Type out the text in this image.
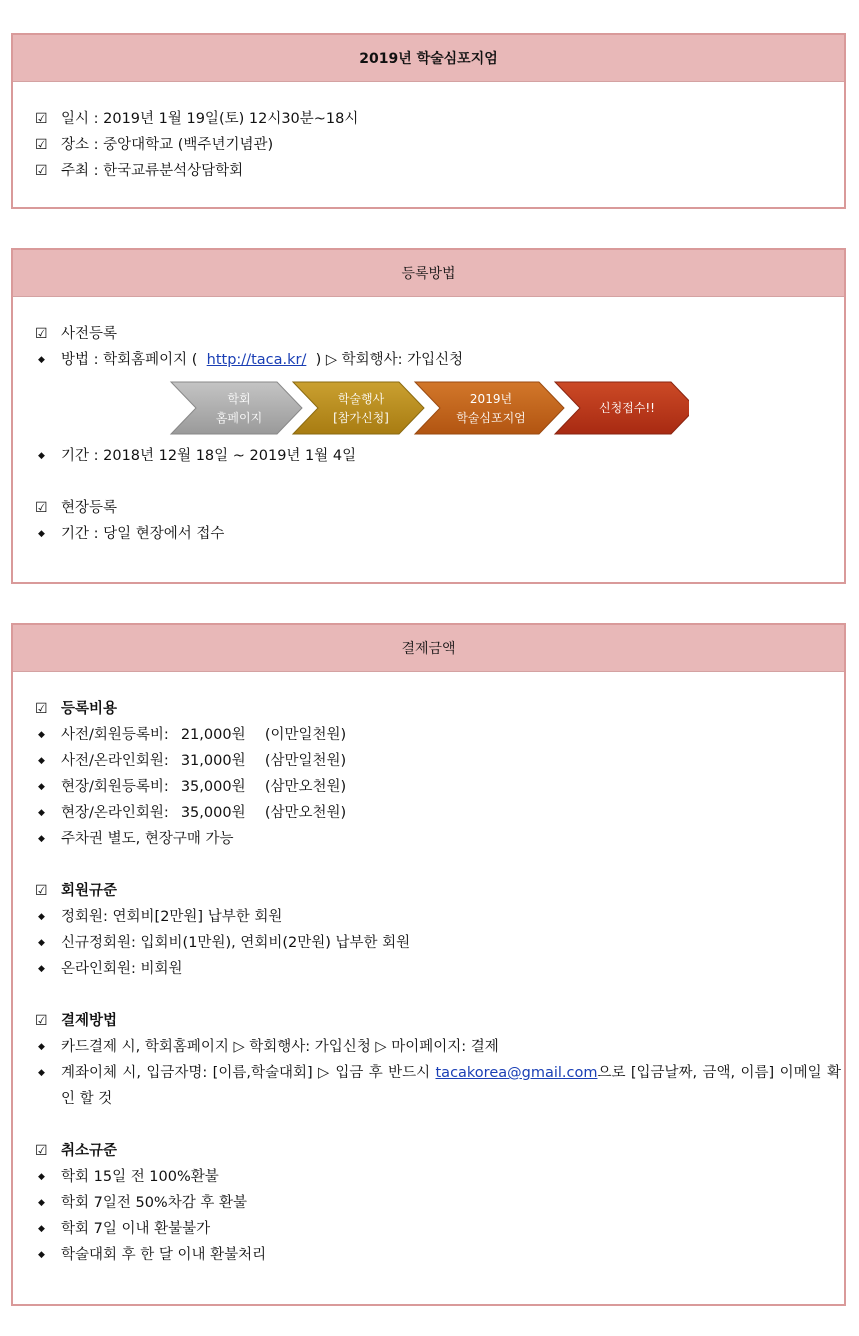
2019년 학술심포지엄
☑ 일시 : 2019년 1월 19일(토) 12시30분~18시
☑ 장소 : 중앙대학교 (백주년기념관)
☑ 주최 : 한국교류분석상담학회
등록방법
☑ 사전등록
◆	방법 : 학회홈페이지 (
http://taca.kr/
) ▷ 학회행사: 가입신청
학회
홈페이지
학술행사
[참가신청]
2019년
학술심포지엄
신청접수!!
◆	기간 : 2018년 12월 18일 ~ 2019년 1월 4일
☑ 현장등록
◆	기간 : 당일 현장에서 접수
결제금액
☑ 등록비용
◆	사전/회원등록비: 21,000원	(이만일천원)
◆	사전/온라인회원: 31,000원	(삼만일천원)
◆	현장/회원등록비: 35,000원	(삼만오천원)
◆	현장/온라인회원: 35,000원	(삼만오천원)
◆	주차권 별도, 현장구매 가능
☑ 회원규준
◆	정회원: 연회비[2만원] 납부한 회원
◆	신규정회원: 입회비(1만원), 연회비(2만원) 납부한 회원
◆	온라인회원: 비회원
☑ 결제방법
◆	카드결제 시, 학회홈페이지 ▷ 학회행사: 가입신청 ▷ 마이페이지: 결제
◆	계좌이체 시, 입금자명: [이름,학술대회] ▷ 입금 후 반드시 tacakorea@gmail.com으로 [입금날짜, 금액, 이름] 이메일 확인 할 것
☑ 취소규준
◆	학회 15일 전 100%환불
◆	학회 7일전 50%차감 후 환불
◆	학회 7일 이내 환불불가
◆	학술대회 후 한 달 이내 환불처리
